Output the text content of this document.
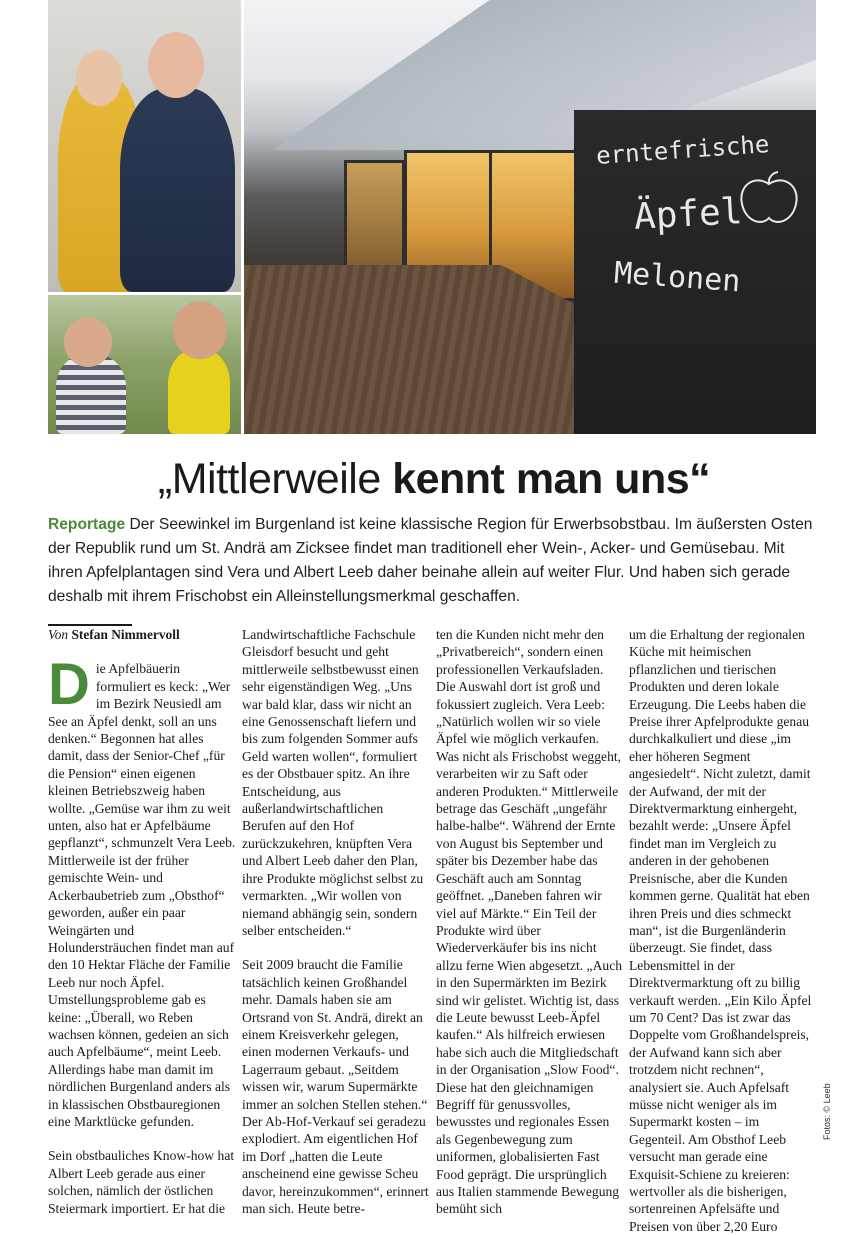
erntefrische
Äpfel
Melonen
„Mittlerweile kennt man uns“

Reportage Der Seewinkel im Burgenland ist keine klassische Region für Erwerbsobstbau. Im äußersten Osten der Republik rund um St. Andrä am Zicksee findet man traditionell eher Wein-, Acker- und Gemüsebau. Mit ihren Apfelplantagen sind Vera und Albert Leeb daher beinahe allein auf weiter Flur. Und haben sich gerade deshalb mit ihrem Frischobst ein Alleinstellungsmerkmal geschaffen.

Von Stefan Nimmervoll

Die Apfelbäuerin formuliert es keck: „Wer im Bezirk Neusiedl am See an Äpfel denkt, soll an uns denken.“ Begonnen hat alles damit, dass der Senior-Chef „für die Pension“ einen eigenen kleinen Betriebszweig haben wollte. „Gemüse war ihm zu weit unten, also hat er Apfelbäume gepflanzt“, schmunzelt Vera Leeb. Mittlerweile ist der früher gemischte Wein- und Ackerbaubetrieb zum „Obsthof“ geworden, außer ein paar Weingärten und Holundersträuchen findet man auf den 10 Hektar Fläche der Familie Leeb nur noch Äpfel. Umstellungsprobleme gab es keine: „Überall, wo Reben wachsen können, gedeien an sich auch Apfelbäume“, meint Leeb. Allerdings habe man damit im nördlichen Burgenland anders als in klassischen Obstbauregionen eine Marktlücke gefunden.

Sein obstbauliches Know-how hat Albert Leeb gerade aus einer solchen, nämlich der östlichen Steiermark importiert. Er hat die

Landwirtschaftliche Fachschule Gleisdorf besucht und geht mittlerweile selbstbewusst einen sehr eigenständigen Weg. „Uns war bald klar, dass wir nicht an eine Genossenschaft liefern und bis zum folgenden Sommer aufs Geld warten wollen“, formuliert es der Obstbauer spitz. An ihre Entscheidung, aus außerlandwirtschaftlichen Berufen auf den Hof zurückzukehren, knüpften Vera und Albert Leeb daher den Plan, ihre Produkte möglichst selbst zu vermarkten. „Wir wollen von niemand abhängig sein, sondern selber entscheiden.“

Seit 2009 braucht die Familie tatsächlich keinen Großhandel mehr. Damals haben sie am Ortsrand von St. Andrä, direkt an einem Kreisverkehr gelegen, einen modernen Verkaufs- und Lagerraum gebaut. „Seitdem wissen wir, warum Supermärkte immer an solchen Stellen stehen.“ Der Ab-Hof-Verkauf sei geradezu explodiert. Am eigentlichen Hof im Dorf „hatten die Leute anscheinend eine gewisse Scheu davor, hereinzukommen“, erinnert man sich. Heute betre-

ten die Kunden nicht mehr den „Privatbereich“, sondern einen professionellen Verkaufsladen. Die Auswahl dort ist groß und fokussiert zugleich. Vera Leeb: „Natürlich wollen wir so viele Äpfel wie möglich verkaufen. Was nicht als Frischobst weggeht, verarbeiten wir zu Saft oder anderen Produkten.“ Mittlerweile betrage das Geschäft „ungefähr halbe-halbe“. Während der Ernte von August bis September und später bis Dezember habe das Geschäft auch am Sonntag geöffnet. „Daneben fahren wir viel auf Märkte.“ Ein Teil der Produkte wird über Wiederverkäufer bis ins nicht allzu ferne Wien abgesetzt. „Auch in den Supermärkten im Bezirk sind wir gelistet. Wichtig ist, dass die Leute bewusst Leeb-Äpfel kaufen.“ Als hilfreich erwiesen habe sich auch die Mitgliedschaft in der Organisation „Slow Food“. Diese hat den gleichnamigen Begriff für genussvolles, bewusstes und regionales Essen als Gegenbewegung zum uniformen, globalisierten Fast Food geprägt. Die ursprünglich aus Italien stammende Bewegung bemüht sich

um die Erhaltung der regionalen Küche mit heimischen pflanzlichen und tierischen Produkten und deren lokale Erzeugung. Die Leebs haben die Preise ihrer Apfelprodukte genau durchkalkuliert und diese „im eher höheren Segment angesiedelt“. Nicht zuletzt, damit der Aufwand, der mit der Direktvermarktung einhergeht, bezahlt werde: „Unsere Äpfel findet man im Vergleich zu anderen in der gehobenen Preisnische, aber die Kunden kommen gerne. Qualität hat eben ihren Preis und dies schmeckt man“, ist die Burgenländerin überzeugt. Sie findet, dass Lebensmittel in der Direktvermarktung oft zu billig verkauft werden. „Ein Kilo Äpfel um 70 Cent? Das ist zwar das Doppelte vom Großhandelspreis, der Aufwand kann sich aber trotzdem nicht rechnen“, analysiert sie. Auch Apfelsaft müsse nicht weniger als im Supermarkt kosten – im Gegenteil. Am Obsthof Leeb versucht man gerade eine Exquisit-Schiene zu kreieren: wertvoller als die bisherigen, sortenreinen Apfelsäfte und Preisen von über 2,20 Euro

Fotos: © Leeb
